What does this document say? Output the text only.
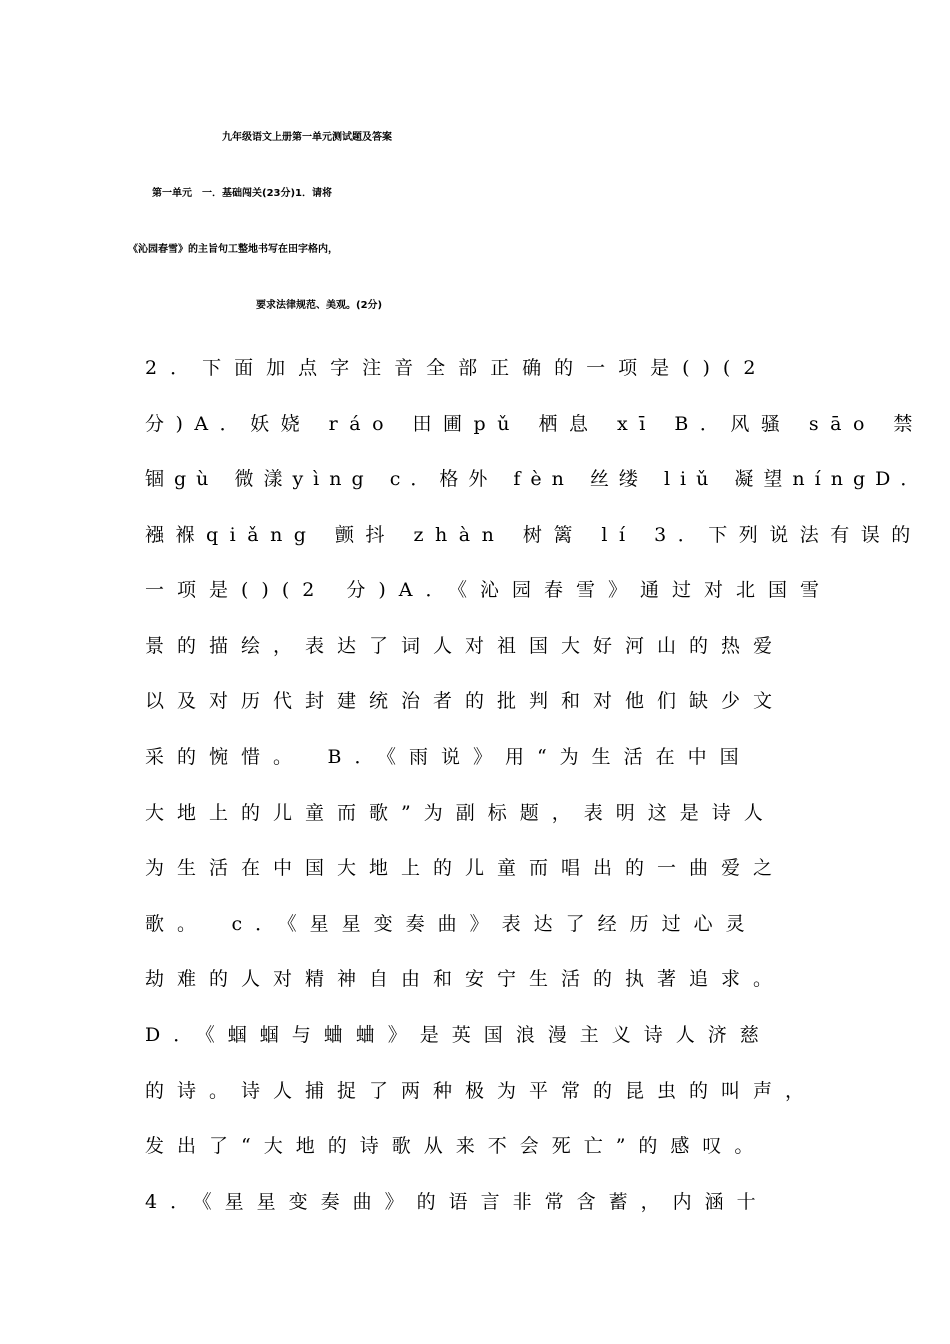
九年级语文上册第一单元测试题及答案
第一单元　一．基础闯关(23分)1．请将
《沁园春雪》的主旨句工整地书写在田字格内，
要求法律规范、美观。(2分)
2．下面加点字注音全部正确的一项是()(2
分)A．妖娆 ráo 田圃pǔ 栖息 xī B．风骚 sāo 禁
锢gù 微漾yìng c．格外 fèn 丝缕 liǔ 凝望níngD．
襁褓qiǎng 颤抖 zhàn 树篱 lí 3．下列说法有误的
一项是()(2 分)A．《沁园春雪》通过对北国雪
景的描绘，表达了词人对祖国大好河山的热爱
以及对历代封建统治者的批判和对他们缺少文
采的惋惜。　B．《雨说》用“为生活在中国
大地上的儿童而歌”为副标题，表明这是诗人
为生活在中国大地上的儿童而唱出的一曲爱之
歌。　c．《星星变奏曲》表达了经历过心灵
劫难的人对精神自由和安宁生活的执著追求。
D．《蝈蝈与蛐蛐》是英国浪漫主义诗人济慈
的诗。诗人捕捉了两种极为平常的昆虫的叫声，
发出了“大地的诗歌从来不会死亡”的感叹。
4．《星星变奏曲》的语言非常含蓄，内涵十
